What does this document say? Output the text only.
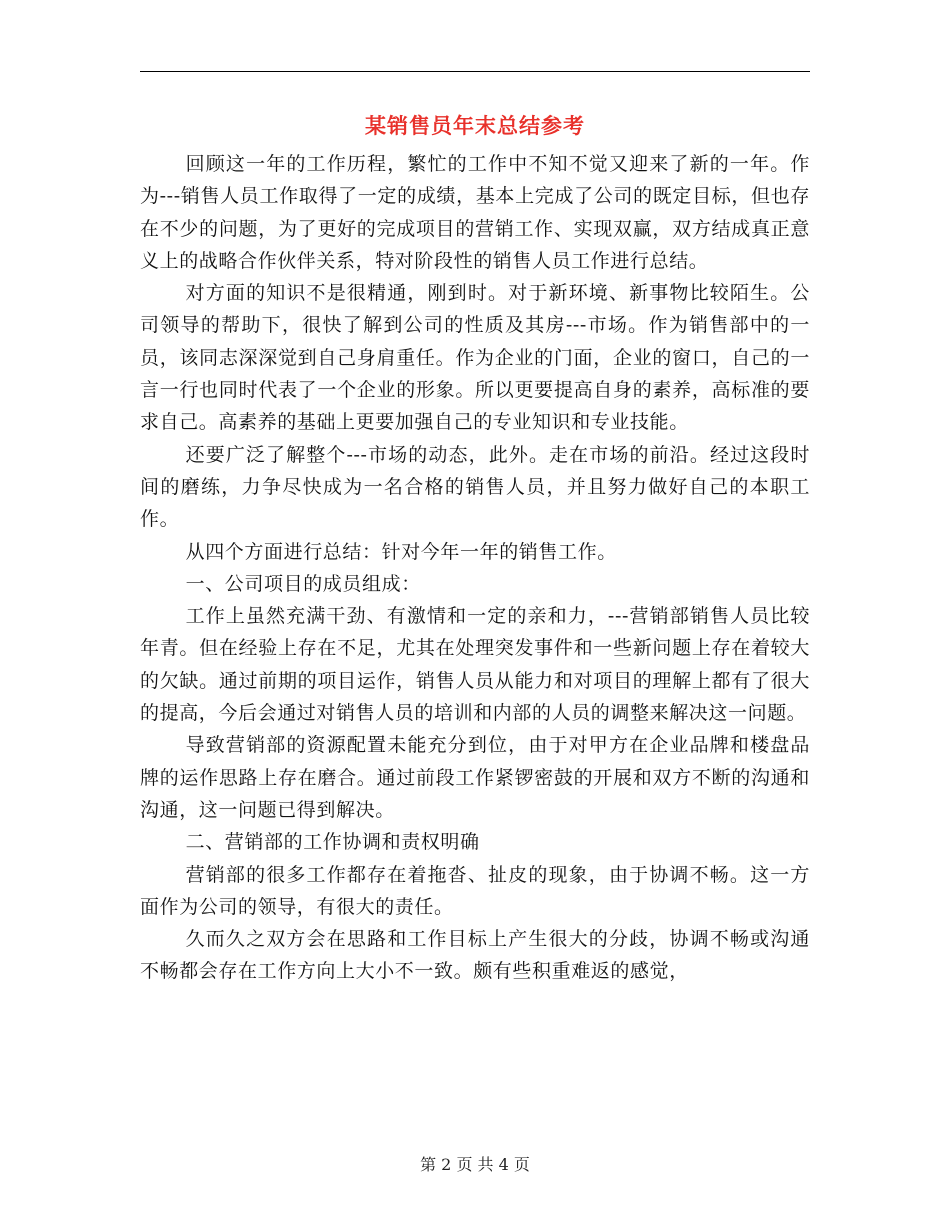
某销售员年末总结参考

回顾这一年的工作历程，繁忙的工作中不知不觉又迎来了新的一年。作为---销售人员工作取得了一定的成绩，基本上完成了公司的既定目标，但也存在不少的问题，为了更好的完成项目的营销工作、实现双赢，双方结成真正意义上的战略合作伙伴关系，特对阶段性的销售人员工作进行总结。

对方面的知识不是很精通，刚到时。对于新环境、新事物比较陌生。公司领导的帮助下，很快了解到公司的性质及其房---市场。作为销售部中的一员，该同志深深觉到自己身肩重任。作为企业的门面，企业的窗口，自己的一言一行也同时代表了一个企业的形象。所以更要提高自身的素养，高标准的要求自己。高素养的基础上更要加强自己的专业知识和专业技能。

还要广泛了解整个---市场的动态，此外。走在市场的前沿。经过这段时间的磨练，力争尽快成为一名合格的销售人员，并且努力做好自己的本职工作。

从四个方面进行总结：针对今年一年的销售工作。

一、公司项目的成员组成：

工作上虽然充满干劲、有激情和一定的亲和力，---营销部销售人员比较年青。但在经验上存在不足，尤其在处理突发事件和一些新问题上存在着较大的欠缺。通过前期的项目运作，销售人员从能力和对项目的理解上都有了很大的提高，今后会通过对销售人员的培训和内部的人员的调整来解决这一问题。

导致营销部的资源配置未能充分到位，由于对甲方在企业品牌和楼盘品牌的运作思路上存在磨合。通过前段工作紧锣密鼓的开展和双方不断的沟通和沟通，这一问题已得到解决。

二、营销部的工作协调和责权明确

营销部的很多工作都存在着拖沓、扯皮的现象，由于协调不畅。这一方面作为公司的领导，有很大的责任。

久而久之双方会在思路和工作目标上产生很大的分歧，协调不畅或沟通不畅都会存在工作方向上大小不一致。颇有些积重难返的感觉，

第 2 页 共 4 页
